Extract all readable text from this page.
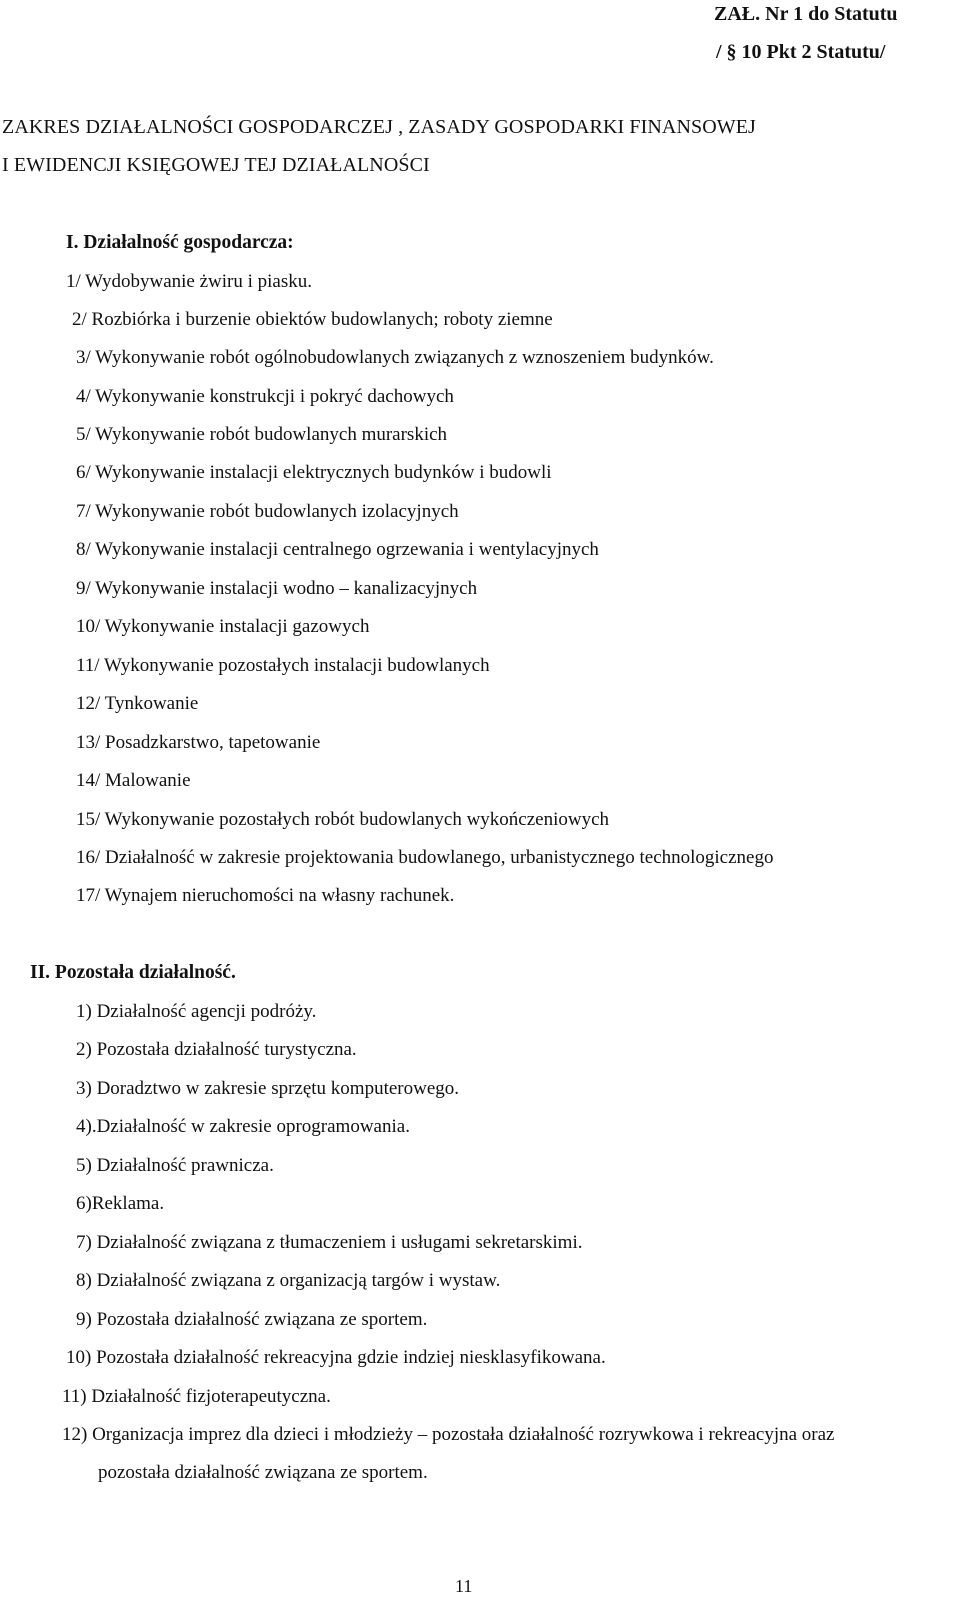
ZAŁ. Nr 1 do Statutu
/ § 10 Pkt 2 Statutu/
ZAKRES DZIAŁALNOŚCI GOSPODARCZEJ , ZASADY GOSPODARKI FINANSOWEJ
I EWIDENCJI KSIĘGOWEJ TEJ DZIAŁALNOŚCI
I. Działalność gospodarcza:
1/ Wydobywanie żwiru i piasku.
2/ Rozbiórka i burzenie obiektów budowlanych; roboty ziemne
3/ Wykonywanie robót ogólnobudowlanych związanych z wznoszeniem budynków.
4/ Wykonywanie konstrukcji i pokryć dachowych
5/ Wykonywanie robót budowlanych murarskich
6/ Wykonywanie instalacji elektrycznych budynków i budowli
7/ Wykonywanie robót budowlanych izolacyjnych
8/ Wykonywanie instalacji centralnego ogrzewania i wentylacyjnych
9/ Wykonywanie instalacji wodno – kanalizacyjnych
10/ Wykonywanie instalacji gazowych
11/ Wykonywanie pozostałych instalacji budowlanych
12/ Tynkowanie
13/ Posadzkarstwo, tapetowanie
14/ Malowanie
15/ Wykonywanie pozostałych robót budowlanych wykończeniowych
16/ Działalność w zakresie projektowania budowlanego, urbanistycznego technologicznego
17/ Wynajem nieruchomości na własny rachunek.
II. Pozostała działalność.
1) Działalność agencji podróży.
2) Pozostała działalność turystyczna.
3) Doradztwo w zakresie sprzętu komputerowego.
4).Działalność w zakresie oprogramowania.
5) Działalność prawnicza.
6)Reklama.
7) Działalność związana z tłumaczeniem i usługami sekretarskimi.
8) Działalność związana z organizacją targów i wystaw.
9) Pozostała działalność związana ze sportem.
10) Pozostała działalność rekreacyjna gdzie indziej niesklasyfikowana.
11) Działalność fizjoterapeutyczna.
12) Organizacja imprez dla dzieci i młodzieży – pozostała działalność rozrywkowa i rekreacyjna oraz
pozostała działalność związana ze sportem.
11
